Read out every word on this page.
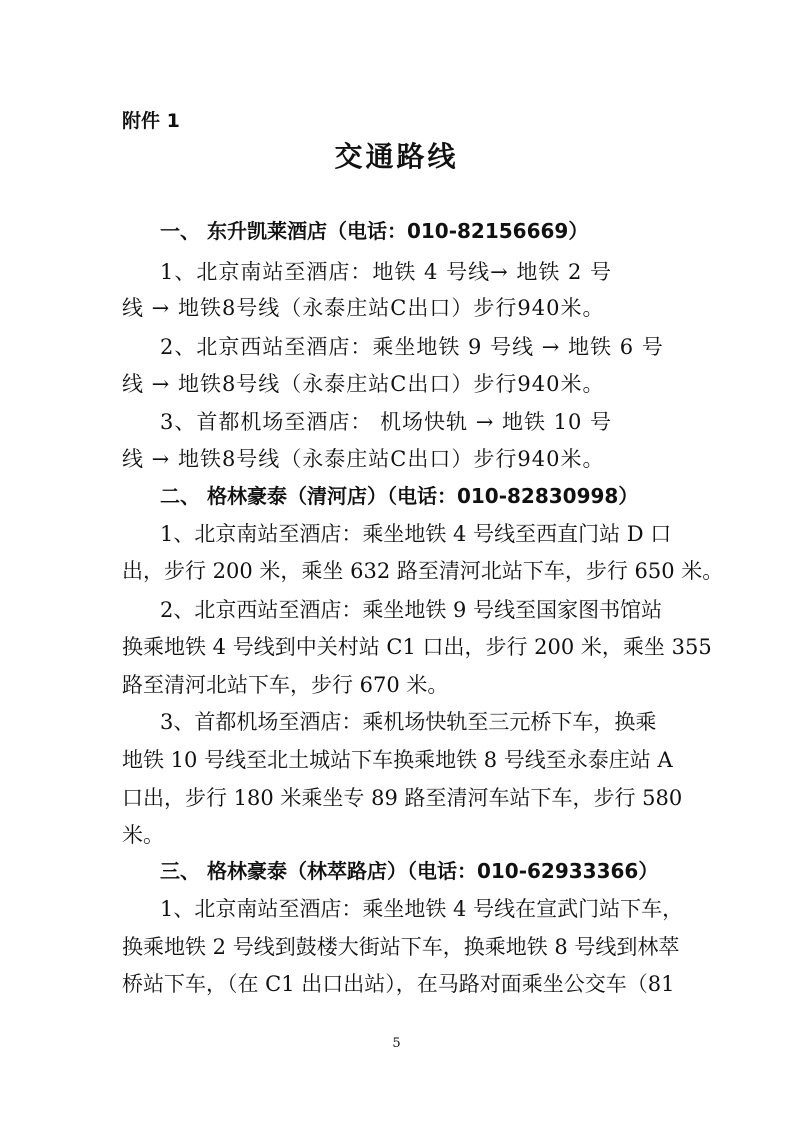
附件 1
交通路线
一、 东升凯莱酒店（电话：010-82156669）
1、北京南站至酒店：地铁 4 号线→ 地铁 2 号
线 → 地铁8号线（永泰庄站C出口）步行940米。
2、北京西站至酒店：乘坐地铁 9 号线 → 地铁 6 号
线 → 地铁8号线（永泰庄站C出口）步行940米。
3、首都机场至酒店： 机场快轨 → 地铁 10 号
线 → 地铁8号线（永泰庄站C出口）步行940米。
二、 格林豪泰（清河店）（电话：010-82830998）
1、北京南站至酒店：乘坐地铁 4 号线至西直门站 D 口
出，步行 200 米，乘坐 632 路至清河北站下车，步行 650 米。
2、北京西站至酒店：乘坐地铁 9 号线至国家图书馆站
换乘地铁 4 号线到中关村站 C1 口出，步行 200 米，乘坐 355
路至清河北站下车，步行 670 米。
3、首都机场至酒店：乘机场快轨至三元桥下车，换乘
地铁 10 号线至北土城站下车换乘地铁 8 号线至永泰庄站 A
口出，步行 180 米乘坐专 89 路至清河车站下车，步行 580
米。
三、 格林豪泰（林萃路店）（电话：010-62933366）
1、北京南站至酒店：乘坐地铁 4 号线在宣武门站下车，
换乘地铁 2 号线到鼓楼大街站下车，换乘地铁 8 号线到林萃
桥站下车，（在 C1 出口出站），在马路对面乘坐公交车（81
5
